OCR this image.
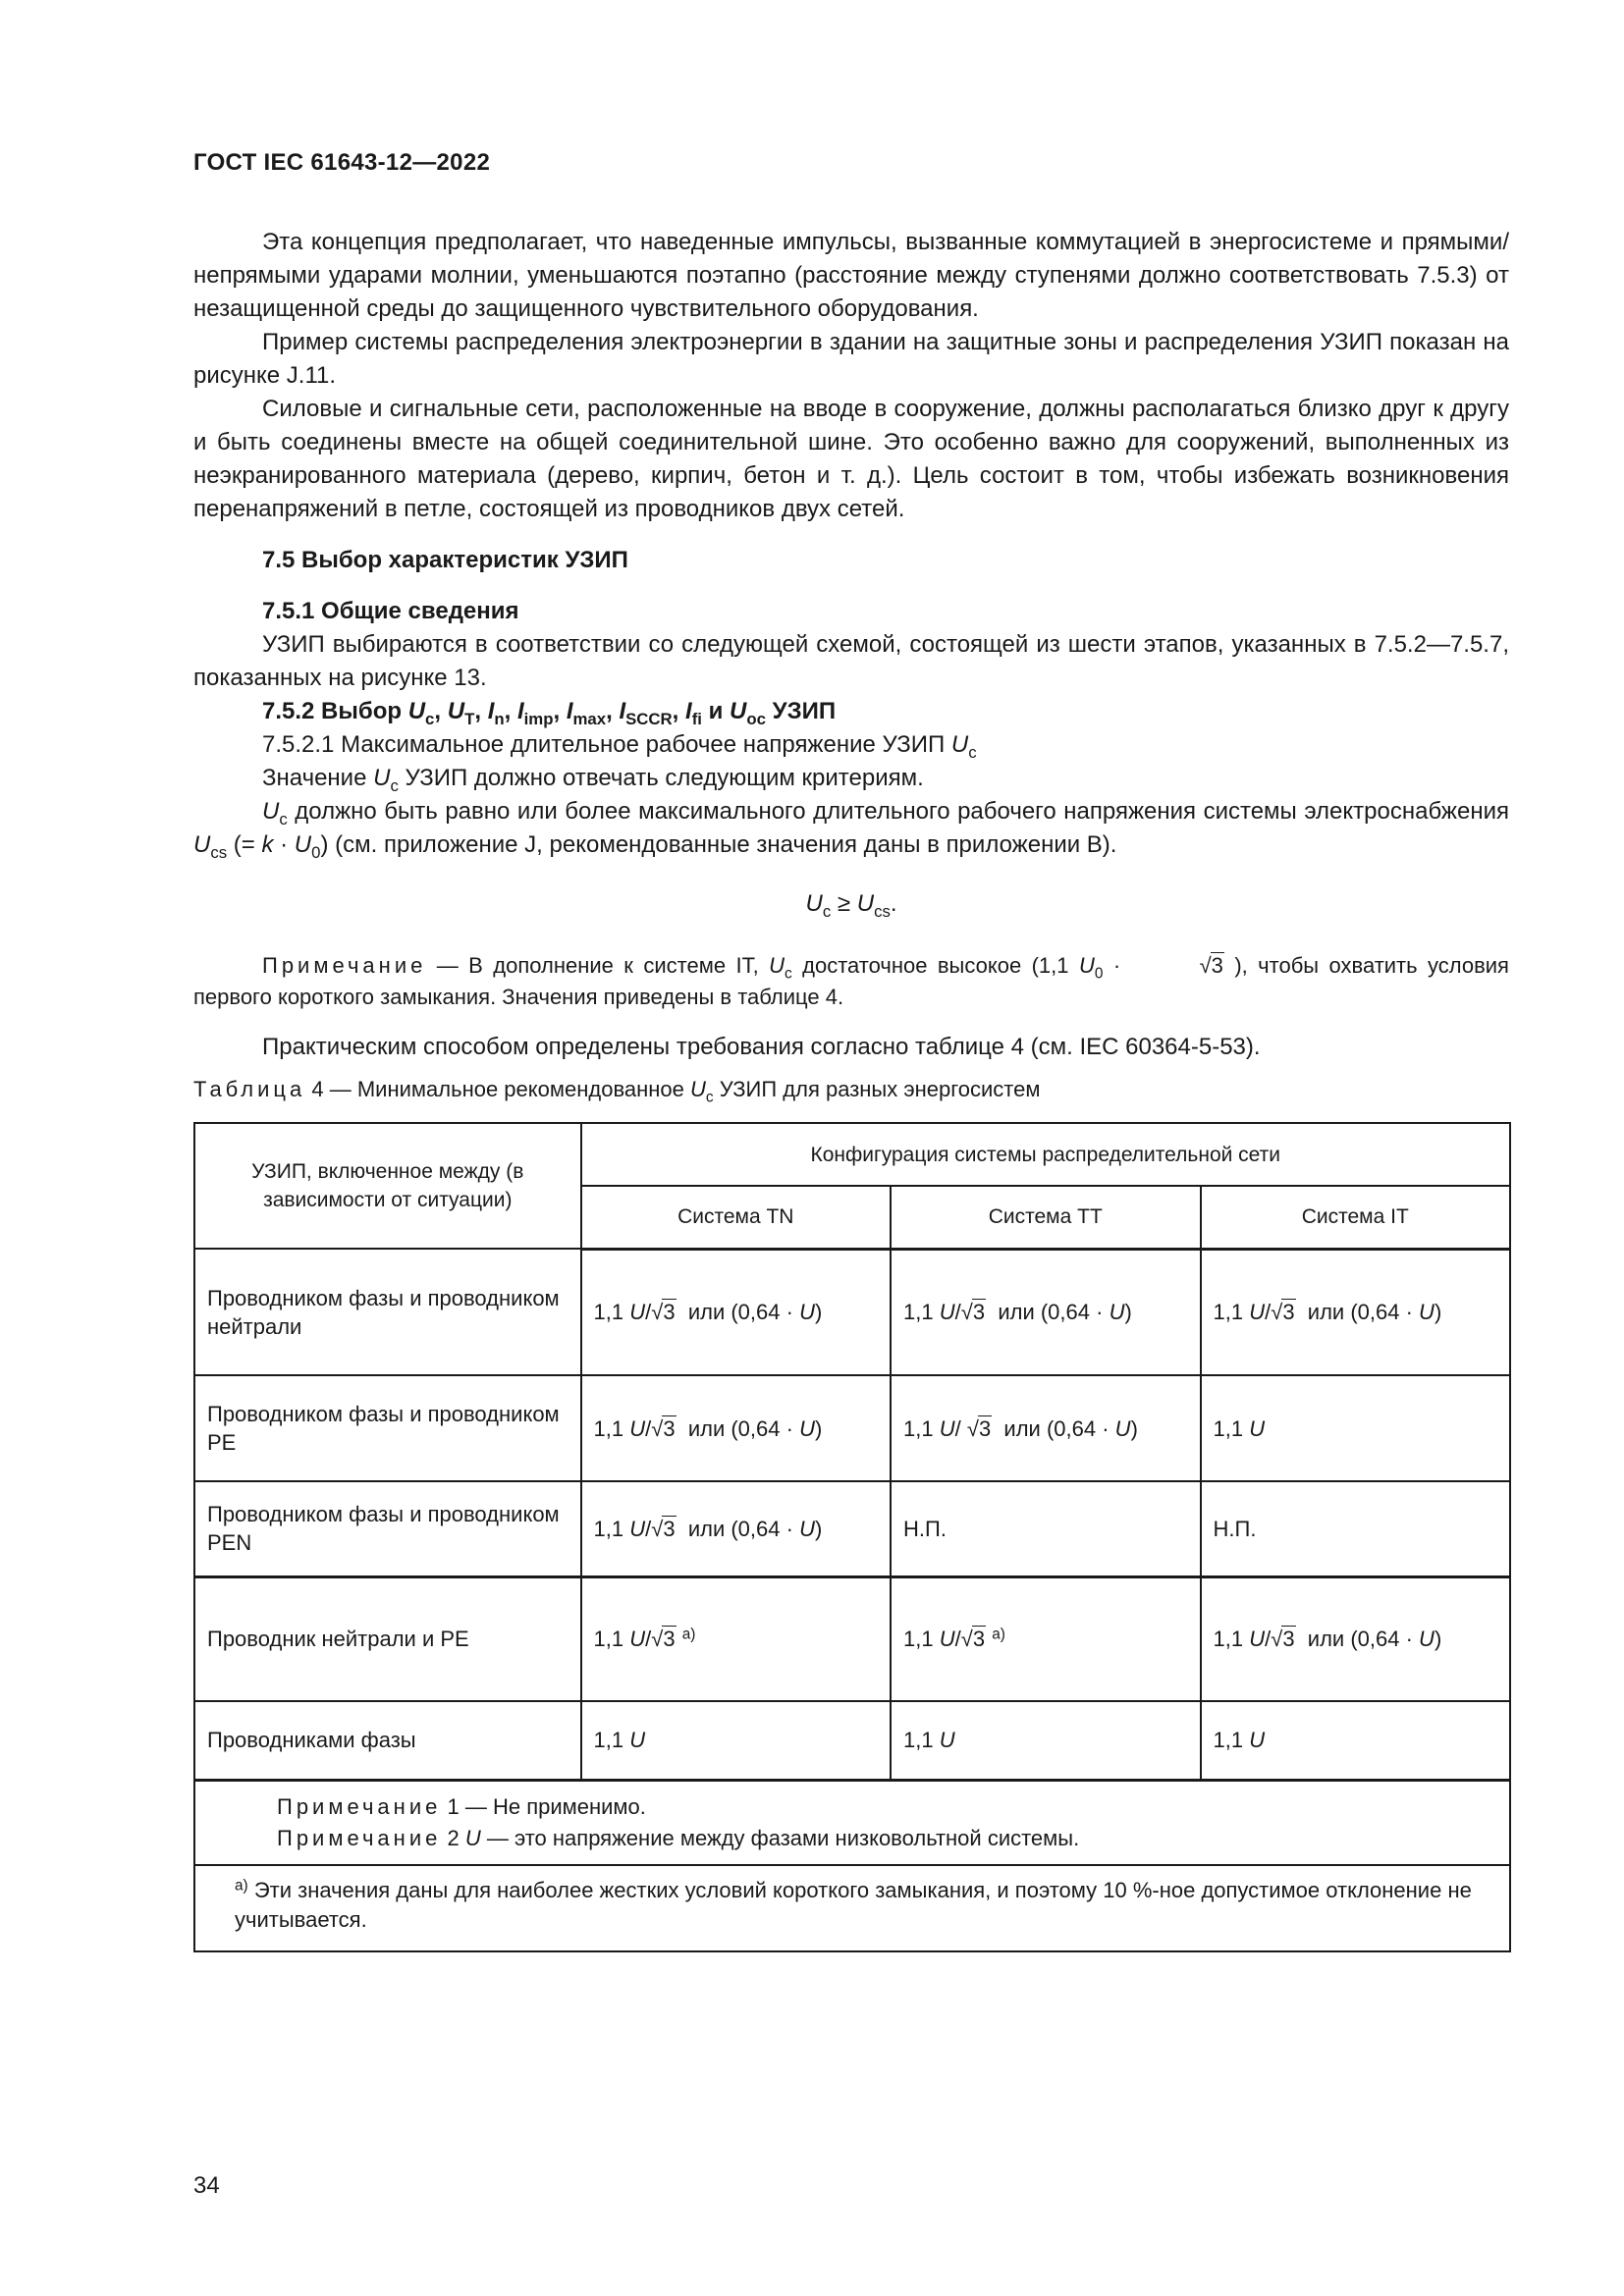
ГОСТ IEC 61643-12—2022

Эта концепция предполагает, что наведенные импульсы, вызванные коммутацией в энергосистеме и прямыми/непрямыми ударами молнии, уменьшаются поэтапно (расстояние между ступенями должно соответствовать 7.5.3) от незащищенной среды до защищенного чувствительного оборудования.

Пример системы распределения электроэнергии в здании на защитные зоны и распределения УЗИП показан на рисунке J.11.

Силовые и сигнальные сети, расположенные на вводе в сооружение, должны располагаться близко друг к другу и быть соединены вместе на общей соединительной шине. Это особенно важно для сооружений, выполненных из неэкранированного материала (дерево, кирпич, бетон и т. д.). Цель состоит в том, чтобы избежать возникновения перенапряжений в петле, состоящей из проводников двух сетей.

7.5 Выбор характеристик УЗИП

7.5.1 Общие сведения

УЗИП выбираются в соответствии со следующей схемой, состоящей из шести этапов, указанных в 7.5.2—7.5.7, показанных на рисунке 13.

7.5.2 Выбор $U_c$, $U_T$, $I_n$, $I_{imp}$, $I_{max}$, $I_{SCCR}$, $I_{fi}$ и $U_{oc}$ УЗИП

7.5.2.1 Максимальное длительное рабочее напряжение УЗИП $U_c$

Значение $U_c$ УЗИП должно отвечать следующим критериям.

$U_c$ должно быть равно или более максимального длительного рабочего напряжения системы электроснабжения $U_{cs}$ (= $k \cdot U_0$) (см. приложение J, рекомендованные значения даны в приложении B).

$U_c \ge U_{cs}$.

Примечание — В дополнение к системе IT, $U_c$ достаточное высокое (1,1 $U_0$ ·	√3 ), чтобы охватить условия первого короткого замыкания. Значения приведены в таблице 4.

Практическим способом определены требования согласно таблице 4 (см. IEC 60364-5-53).

Таблица 4 — Минимальное рекомендованное $U_c$ УЗИП для разных энергосистем
УЗИП, включенное между (в зависимости от ситуации)	Конфигурация системы распределительной сети		
	Система TN	Система TT	Система IT
Проводником фазы и проводником нейтрали	1,1 U/√3 или (0,64 · U)	1,1 U/√3 или (0,64 · U)	1,1 U/√3 или (0,64 · U)
Проводником фазы и проводником PE	1,1 U/√3 или (0,64 · U)	1,1 U/ √3 или (0,64 · U)	1,1 U
Проводником фазы и проводником PEN	1,1 U/√3 или (0,64 · U)	Н.П.	Н.П.
Проводник нейтрали и PE	1,1 U/√3 $^{а)}$	1,1 U/√3 $^{а)}$	1,1 U/√3 или (0,64 · U)
Проводниками фазы	1,1 U	1,1 U	1,1 U

Примечание 1 — Не применимо.
Примечание 2 U — это напряжение между фазами низковольтной системы.			

$^{а)}$ Эти значения даны для наиболее жестких условий короткого замыкания, и поэтому 10 %-ное допустимое отклонение не учитывается.			
34
